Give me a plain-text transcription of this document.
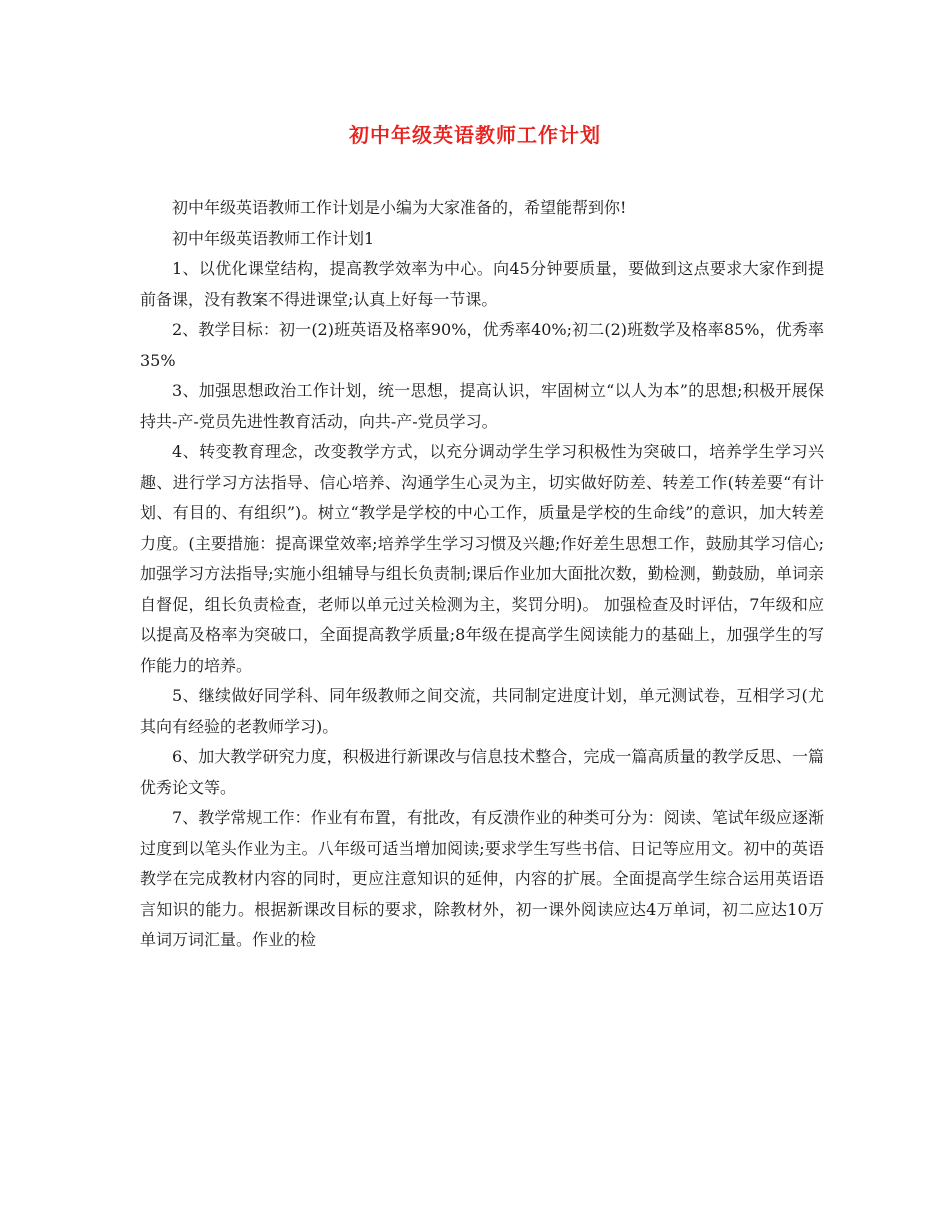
初中年级英语教师工作计划

初中年级英语教师工作计划是小编为大家准备的，希望能帮到你!

初中年级英语教师工作计划1

1、以优化课堂结构，提高教学效率为中心。向45分钟要质量，要做到这点要求大家作到提前备课，没有教案不得进课堂;认真上好每一节课。

2、教学目标：初一(2)班英语及格率90%，优秀率40%;初二(2)班数学及格率85%，优秀率35%

3、加强思想政治工作计划，统一思想，提高认识，牢固树立“以人为本”的思想;积极开展保持共-产-党员先进性教育活动，向共-产-党员学习。

4、转变教育理念，改变教学方式，以充分调动学生学习积极性为突破口，培养学生学习兴趣、进行学习方法指导、信心培养、沟通学生心灵为主，切实做好防差、转差工作(转差要“有计划、有目的、有组织”)。树立“教学是学校的中心工作，质量是学校的生命线”的意识，加大转差力度。(主要措施：提高课堂效率;培养学生学习习惯及兴趣;作好差生思想工作，鼓励其学习信心;加强学习方法指导;实施小组辅导与组长负责制;课后作业加大面批次数，勤检测，勤鼓励，单词亲自督促，组长负责检查，老师以单元过关检测为主，奖罚分明)。 加强检查及时评估，7年级和应以提高及格率为突破口，全面提高教学质量;8年级在提高学生阅读能力的基础上，加强学生的写作能力的培养。

5、继续做好同学科、同年级教师之间交流，共同制定进度计划，单元测试卷，互相学习(尤其向有经验的老教师学习)。

6、加大教学研究力度，积极进行新课改与信息技术整合，完成一篇高质量的教学反思、一篇优秀论文等。

7、教学常规工作：作业有布置，有批改，有反溃作业的种类可分为：阅读、笔试年级应逐渐过度到以笔头作业为主。八年级可适当增加阅读;要求学生写些书信、日记等应用文。初中的英语教学在完成教材内容的同时，更应注意知识的延伸，内容的扩展。全面提高学生综合运用英语语言知识的能力。根据新课改目标的要求，除教材外，初一课外阅读应达4万单词，初二应达10万单词万词汇量。作业的检
